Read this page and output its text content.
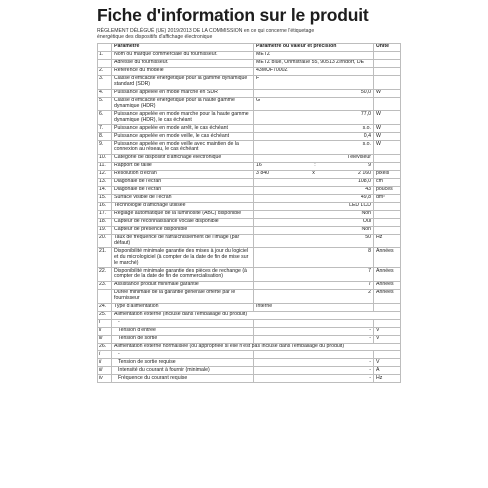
Fiche d'information sur le produit
RÈGLEMENT DÉLÉGUÉ (UE) 2019/2013 DE LA COMMISSION en ce qui concerne l'étiquetage énergétique des dispositifs d'affichage électronique
	Paramètre	Paramètre ou valeur et précision	Unité
1.	Nom ou marque commerciale du fournisseur.	METZ	
	Adresse du fournisseur.	METZ blue, Ohmstraße 55, 90513 Zirndorf, DE	
2.	Référence du modèle	43MUF7000Z	
3.	Classe d'efficacité énergétique pour la gamme dynamique standard (SDR)	F	
4.	Puissance appelée en mode marche en SDR	50,0	W
5.	Classe d'efficacité énergétique pour la haute gamme dynamique (HDR)	G	
6.	Puissance appelée en mode marche pour la haute gamme dynamique (HDR), le cas échéant	77,0	W
7.	Puissance appelée en mode arrêt, le cas échéant	s.o.	W
8.	Puissance appelée en mode veille, le cas échéant	0,4	W
9.	Puissance appelée en mode veille avec maintien de la connexion au réseau, le cas échéant	s.o.	W
10.	Catégorie de dispositif d'affichage électronique	Téléviseur	
11.	Rapport de taille	16 : 9	

12.	Résolution d'écran	3 840 x 2 160	pixels
13.	Diagonale de l'écran	108,0	cm
14.	Diagonale de l'écran	43	pouces
15.	Surface visible de l'écran	49,8	dm²
16.	Technologie d'affichage utilisée	LED LCD	
17.	Réglage automatique de la luminosité (ABC) disponible	Non	
18.	Capteur de reconnaissance vocale disponible	Oui	
19.	Capteur de présence disponible	Non	
20.	Taux de fréquence de rafraîchissement de l'image (par défaut)	50	Hz
21.	Disponibilité minimale garantie des mises à jour du logiciel et du micrologiciel (à compter de la date de fin de mise sur le marché)	8	Années
22.	Disponibilité minimale garantie des pièces de rechange (à compter de la date de fin de commercialisation)	7	Années
23.	Assistance produit minimale garantie	7	Années
	Durée minimale de la garantie générale offerte par le fournisseur	2	Années
24.	Type d'alimentation	Interne	
25.	Alimentation externe (incluse dans l'emballage du produit)		
i	-		
ii	Tension d'entrée	-	V
iii	Tension de sortie	-	V
26.	Alimentation externe normalisée (ou appropriée si elle n'est pas incluse dans l'emballage du produit)		
i	-		
ii	Tension de sortie requise	-	V
iii	Intensité du courant à fournir (minimale)	-	A
iv	Fréquence du courant requise	-	Hz
